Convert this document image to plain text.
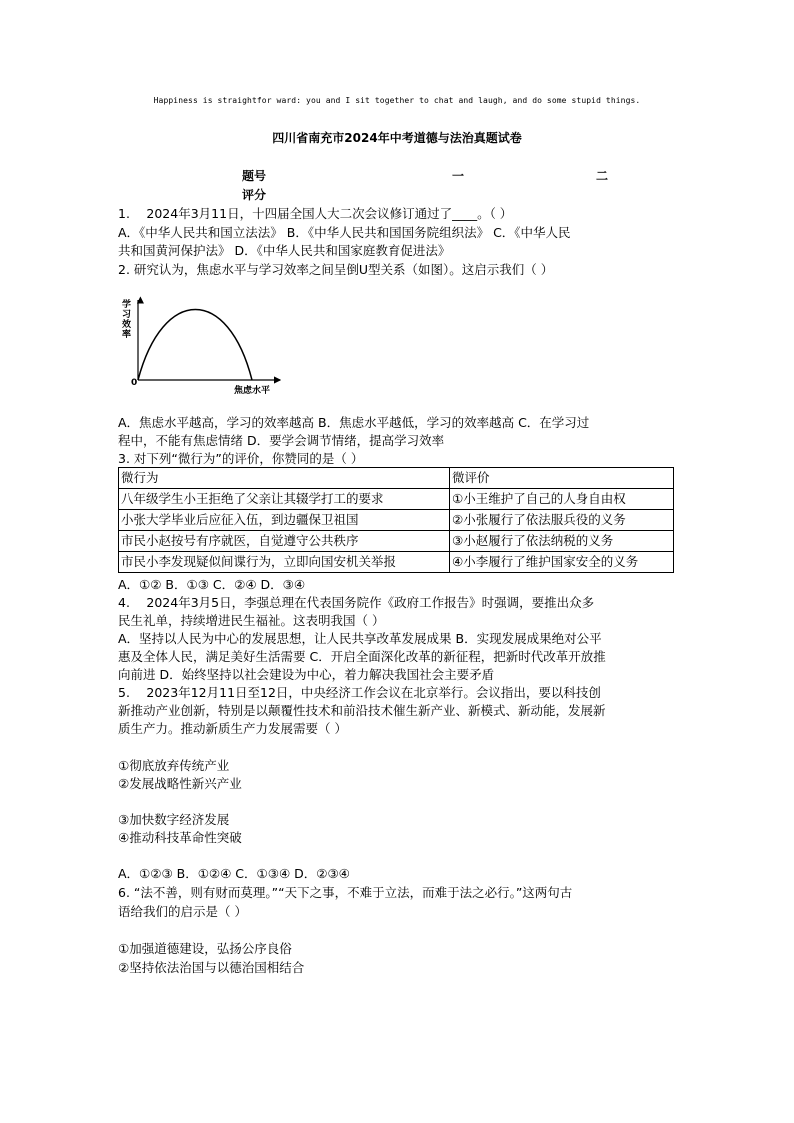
Happiness is straightfor ward: you and I sit together to chat and laugh, and do some stupid things.
四川省南充市2024年中考道德与法治真题试卷
题号	一	二
评分
1.　 2024年3月11日，十四届全国人大二次会议修订通过了____。（ ）
A．《中华人民共和国立法法》 B．《中华人民共和国国务院组织法》 C．《中华人民
共和国黄河保护法》 D．《中华人民共和国家庭教育促进法》
2. 研究认为，焦虑水平与学习效率之间呈倒U型关系（如图）。这启示我们（ ）
学
习
效
率
0
焦虑水平
A．焦虑水平越高，学习的效率越高 B．焦虑水平越低，学习的效率越高 C．在学习过
程中，不能有焦虑情绪 D．要学会调节情绪，提高学习效率
3. 对下列“微行为”的评价，你赞同的是（ ）
微行为	微评价
八年级学生小王拒绝了父亲让其辍学打工的要求	①小王维护了自己的人身自由权
小张大学毕业后应征入伍，到边疆保卫祖国	②小张履行了依法服兵役的义务
市民小赵按号有序就医，自觉遵守公共秩序	③小赵履行了依法纳税的义务
市民小李发现疑似间谍行为，立即向国安机关举报	④小李履行了维护国家安全的义务
A．①② B．①③ C．②④ D．③④
4.　 2024年3月5日，李强总理在代表国务院作《政府工作报告》时强调，要推出众多
民生礼单，持续增进民生福祉。这表明我国（ ）
A．坚持以人民为中心的发展思想，让人民共享改革发展成果 B．实现发展成果绝对公平
惠及全体人民，满足美好生活需要 C．开启全面深化改革的新征程，把新时代改革开放推
向前进 D．始终坚持以社会建设为中心，着力解决我国社会主要矛盾
5.　 2023年12月11日至12日，中央经济工作会议在北京举行。会议指出，要以科技创
新推动产业创新，特别是以颠覆性技术和前沿技术催生新产业、新模式、新动能，发展新
质生产力。推动新质生产力发展需要（ ）
①彻底放弃传统产业
②发展战略性新兴产业
③加快数字经济发展
④推动科技革命性突破
A．①②③ B．①②④ C．①③④ D．②③④
6. “法不善，则有财而莫理。”“天下之事，不难于立法，而难于法之必行。”这两句古
语给我们的启示是（ ）
①加强道德建设，弘扬公序良俗
②坚持依法治国与以德治国相结合
